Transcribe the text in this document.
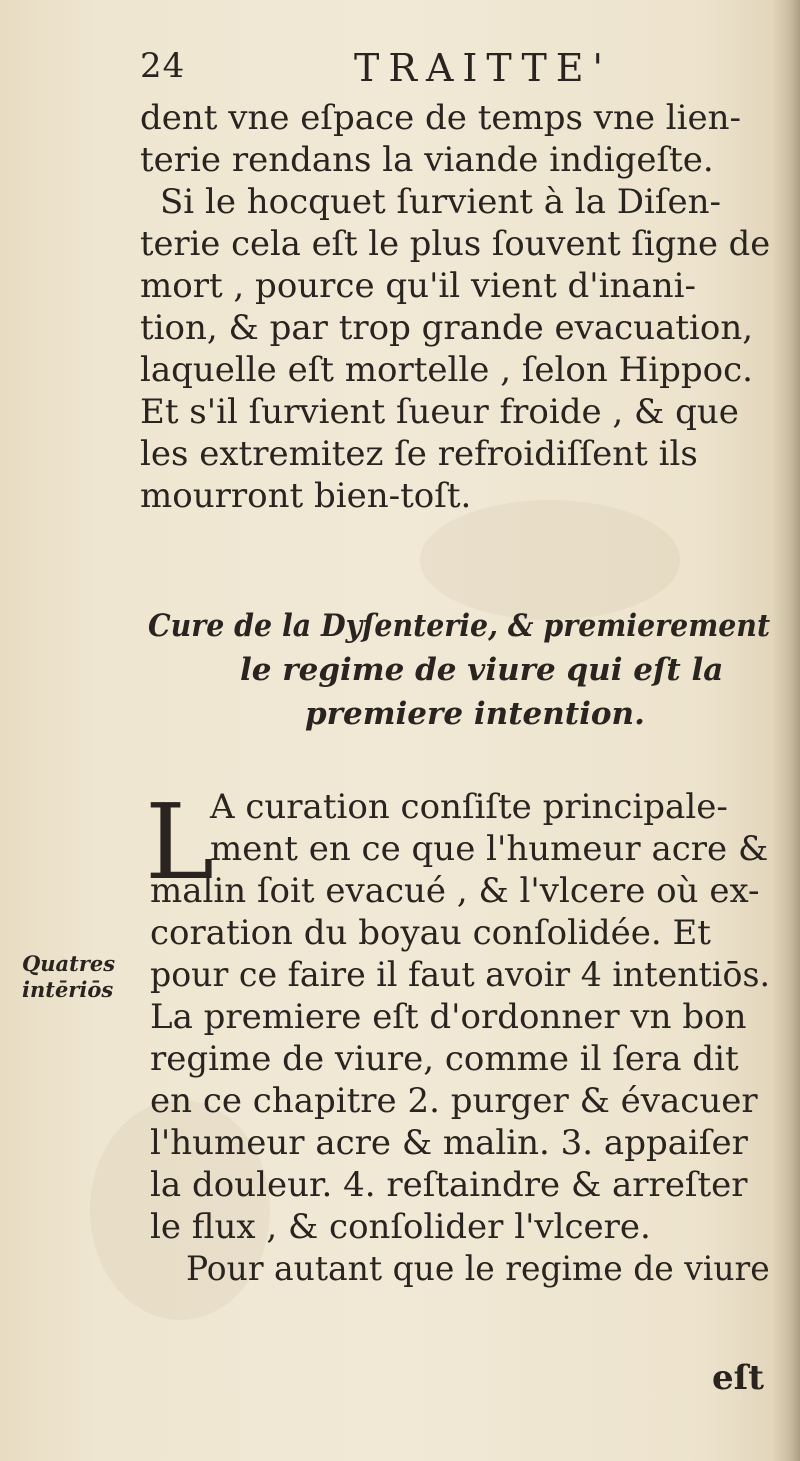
24	TRAITTE'
dent vne eſpace de temps vne lien-
terie rendans la viande indigeſte.
Si le hocquet ſurvient à la Diſen-
terie cela eſt le plus ſouvent ſigne de
mort , pource qu'il vient d'inani-
tion, & par trop grande evacuation,
laquelle eſt mortelle , ſelon Hippoc.
Et s'il ſurvient ſueur froide , & que
les extremitez ſe refroidiſſent ils
mourront bien-toſt.
Cure de la Dyſenterie, & premierement
le regime de viure qui eſt la
premiere intention.
L
A curation conſiſte principale-
ment en ce que l'humeur acre &
malin ſoit evacué , & l'vlcere où ex-
coration du boyau conſolidée. Et
pour ce faire il faut avoir 4 intentiōs.
La premiere eſt d'ordonner vn bon
regime de viure, comme il ſera dit
en ce chapitre 2. purger & évacuer
l'humeur acre & malin. 3. appaiſer
la douleur. 4. reſtaindre & arreſter
le flux , & conſolider l'vlcere.
Pour autant que le regime de viure
Quatres
intēriōs
eſt
